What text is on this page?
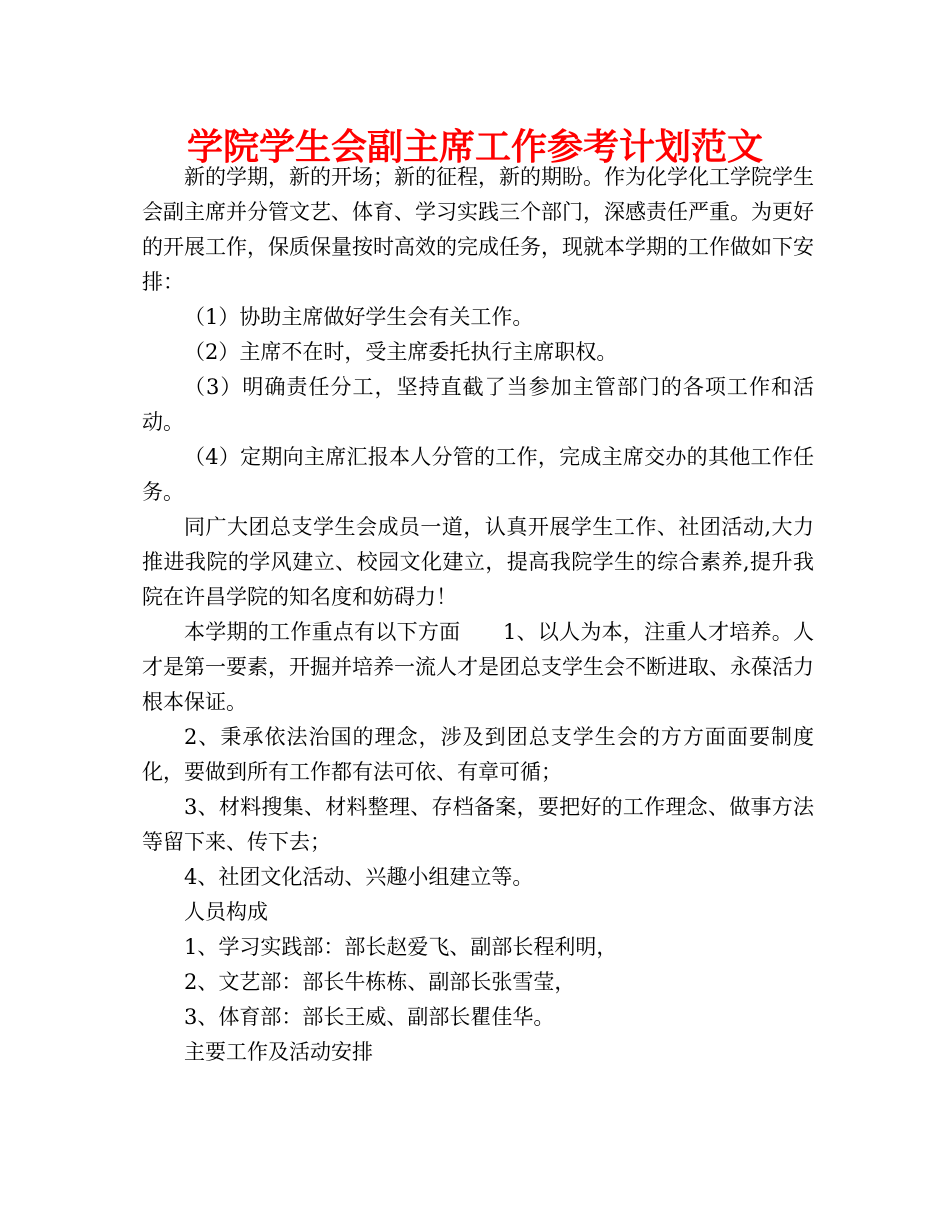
学院学生会副主席工作参考计划范文

新的学期，新的开场；新的征程，新的期盼。作为化学化工学院学生会副主席并分管文艺、体育、学习实践三个部门，深感责任严重。为更好的开展工作，保质保量按时高效的完成任务，现就本学期的工作做如下安排：

（1）协助主席做好学生会有关工作。

（2）主席不在时，受主席委托执行主席职权。

（3）明确责任分工，坚持直截了当参加主管部门的各项工作和活动。

（4）定期向主席汇报本人分管的工作，完成主席交办的其他工作任务。

同广大团总支学生会成员一道，认真开展学生工作、社团活动,大力推进我院的学风建立、校园文化建立，提高我院学生的综合素养,提升我院在许昌学院的知名度和妨碍力！

本学期的工作重点有以下方面　　1、以人为本，注重人才培养。人才是第一要素，开掘并培养一流人才是团总支学生会不断进取、永葆活力根本保证。

2、秉承依法治国的理念，涉及到团总支学生会的方方面面要制度化，要做到所有工作都有法可依、有章可循；

3、材料搜集、材料整理、存档备案，要把好的工作理念、做事方法等留下来、传下去；

4、社团文化活动、兴趣小组建立等。

人员构成

1、学习实践部：部长赵爱飞、副部长程利明，

2、文艺部：部长牛栋栋、副部长张雪莹，

3、体育部：部长王威、副部长瞿佳华。

主要工作及活动安排
